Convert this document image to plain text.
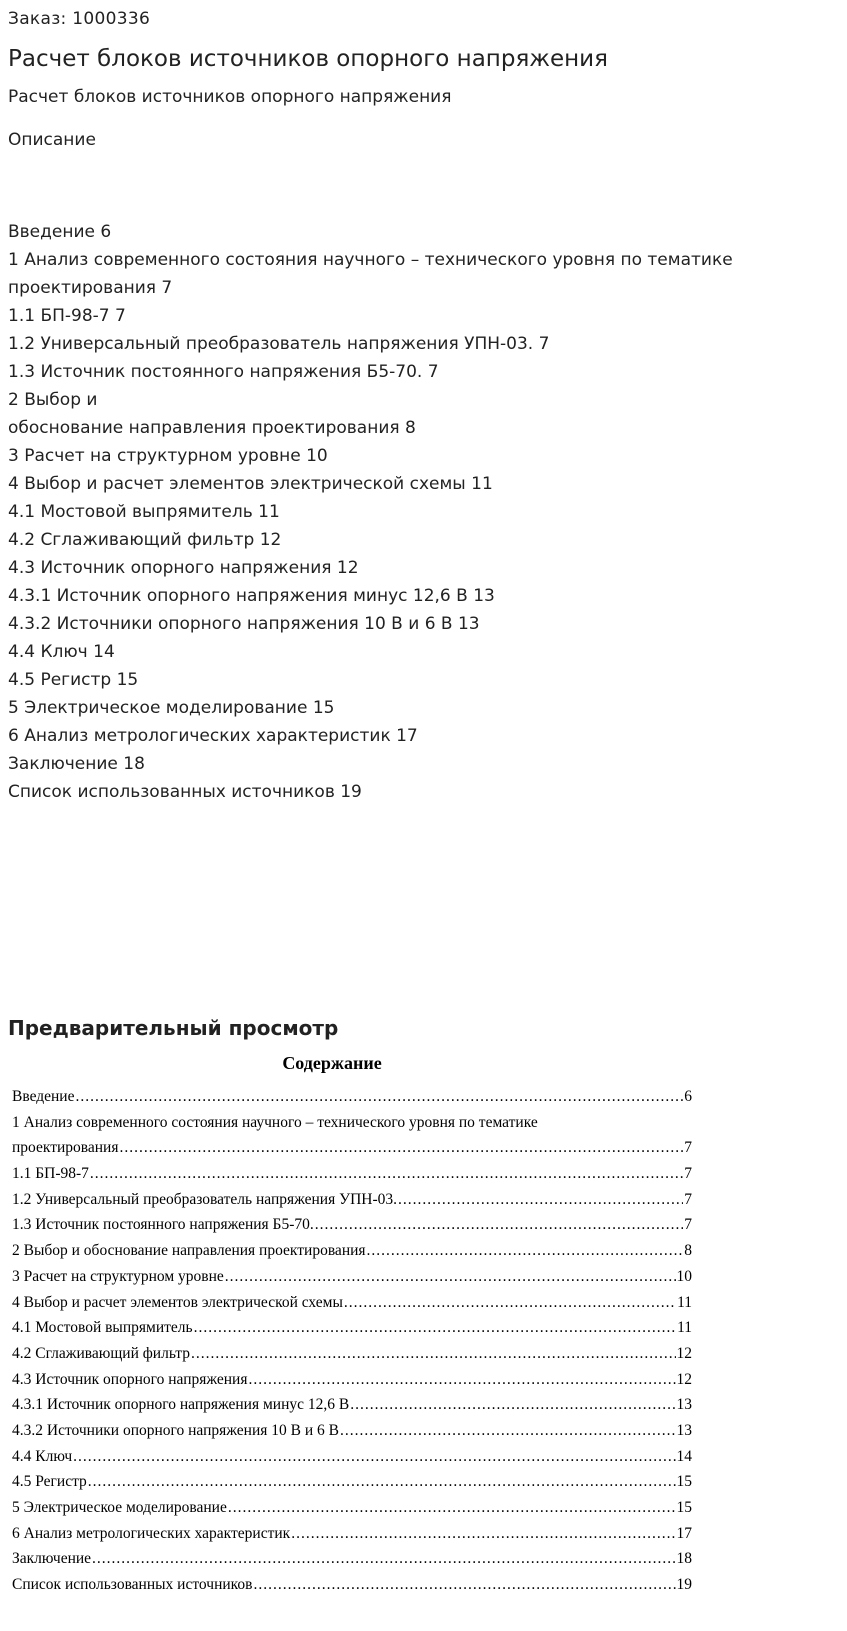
Заказ: 1000336
Расчет блоков источников опорного напряжения
Расчет блоков источников опорного напряжения
Описание
Введение 6
1 Анализ современного состояния научного – технического уровня по тематике
проектирования 7
1.1 БП-98-7 7
1.2 Универсальный преобразователь напряжения УПН-03. 7
1.3 Источник постоянного напряжения Б5-70. 7
2 Выбор и
обоснование направления проектирования 8
3 Расчет на структурном уровне 10
4 Выбор и расчет элементов электрической схемы 11
4.1 Мостовой выпрямитель 11
4.2 Сглаживающий фильтр 12
4.3 Источник опорного напряжения 12
4.3.1 Источник опорного напряжения минус 12,6 В 13
4.3.2 Источники опорного напряжения 10 В и 6 В 13
4.4 Ключ 14
4.5 Регистр 15
5 Электрическое моделирование 15
6 Анализ метрологических характеристик 17
Заключение 18
Список использованных источников 19
Предварительный просмотр
Содержание
Введение .....	6
1 Анализ современного состояния научного – технического уровня по тематике
проектирования .....	7
1.1 БП-98-7 .....	7
1.2 Универсальный преобразователь напряжения УПН-03. .....	7
1.3 Источник постоянного напряжения Б5-70. .....	7
2 Выбор и обоснование направления проектирования .....	8
3 Расчет на структурном уровне .....	10
4 Выбор и расчет элементов электрической схемы .....	11
4.1 Мостовой выпрямитель .....	11
4.2 Сглаживающий фильтр .....	12
4.3 Источник опорного напряжения .....	12
4.3.1 Источник опорного напряжения минус 12,6 В .....	13
4.3.2 Источники опорного напряжения 10 В и 6 В .....	13
4.4 Ключ .....	14
4.5 Регистр .....	15
5 Электрическое моделирование .....	15
6 Анализ метрологических характеристик .....	17
Заключение .....	18
Список использованных источников .....	19
